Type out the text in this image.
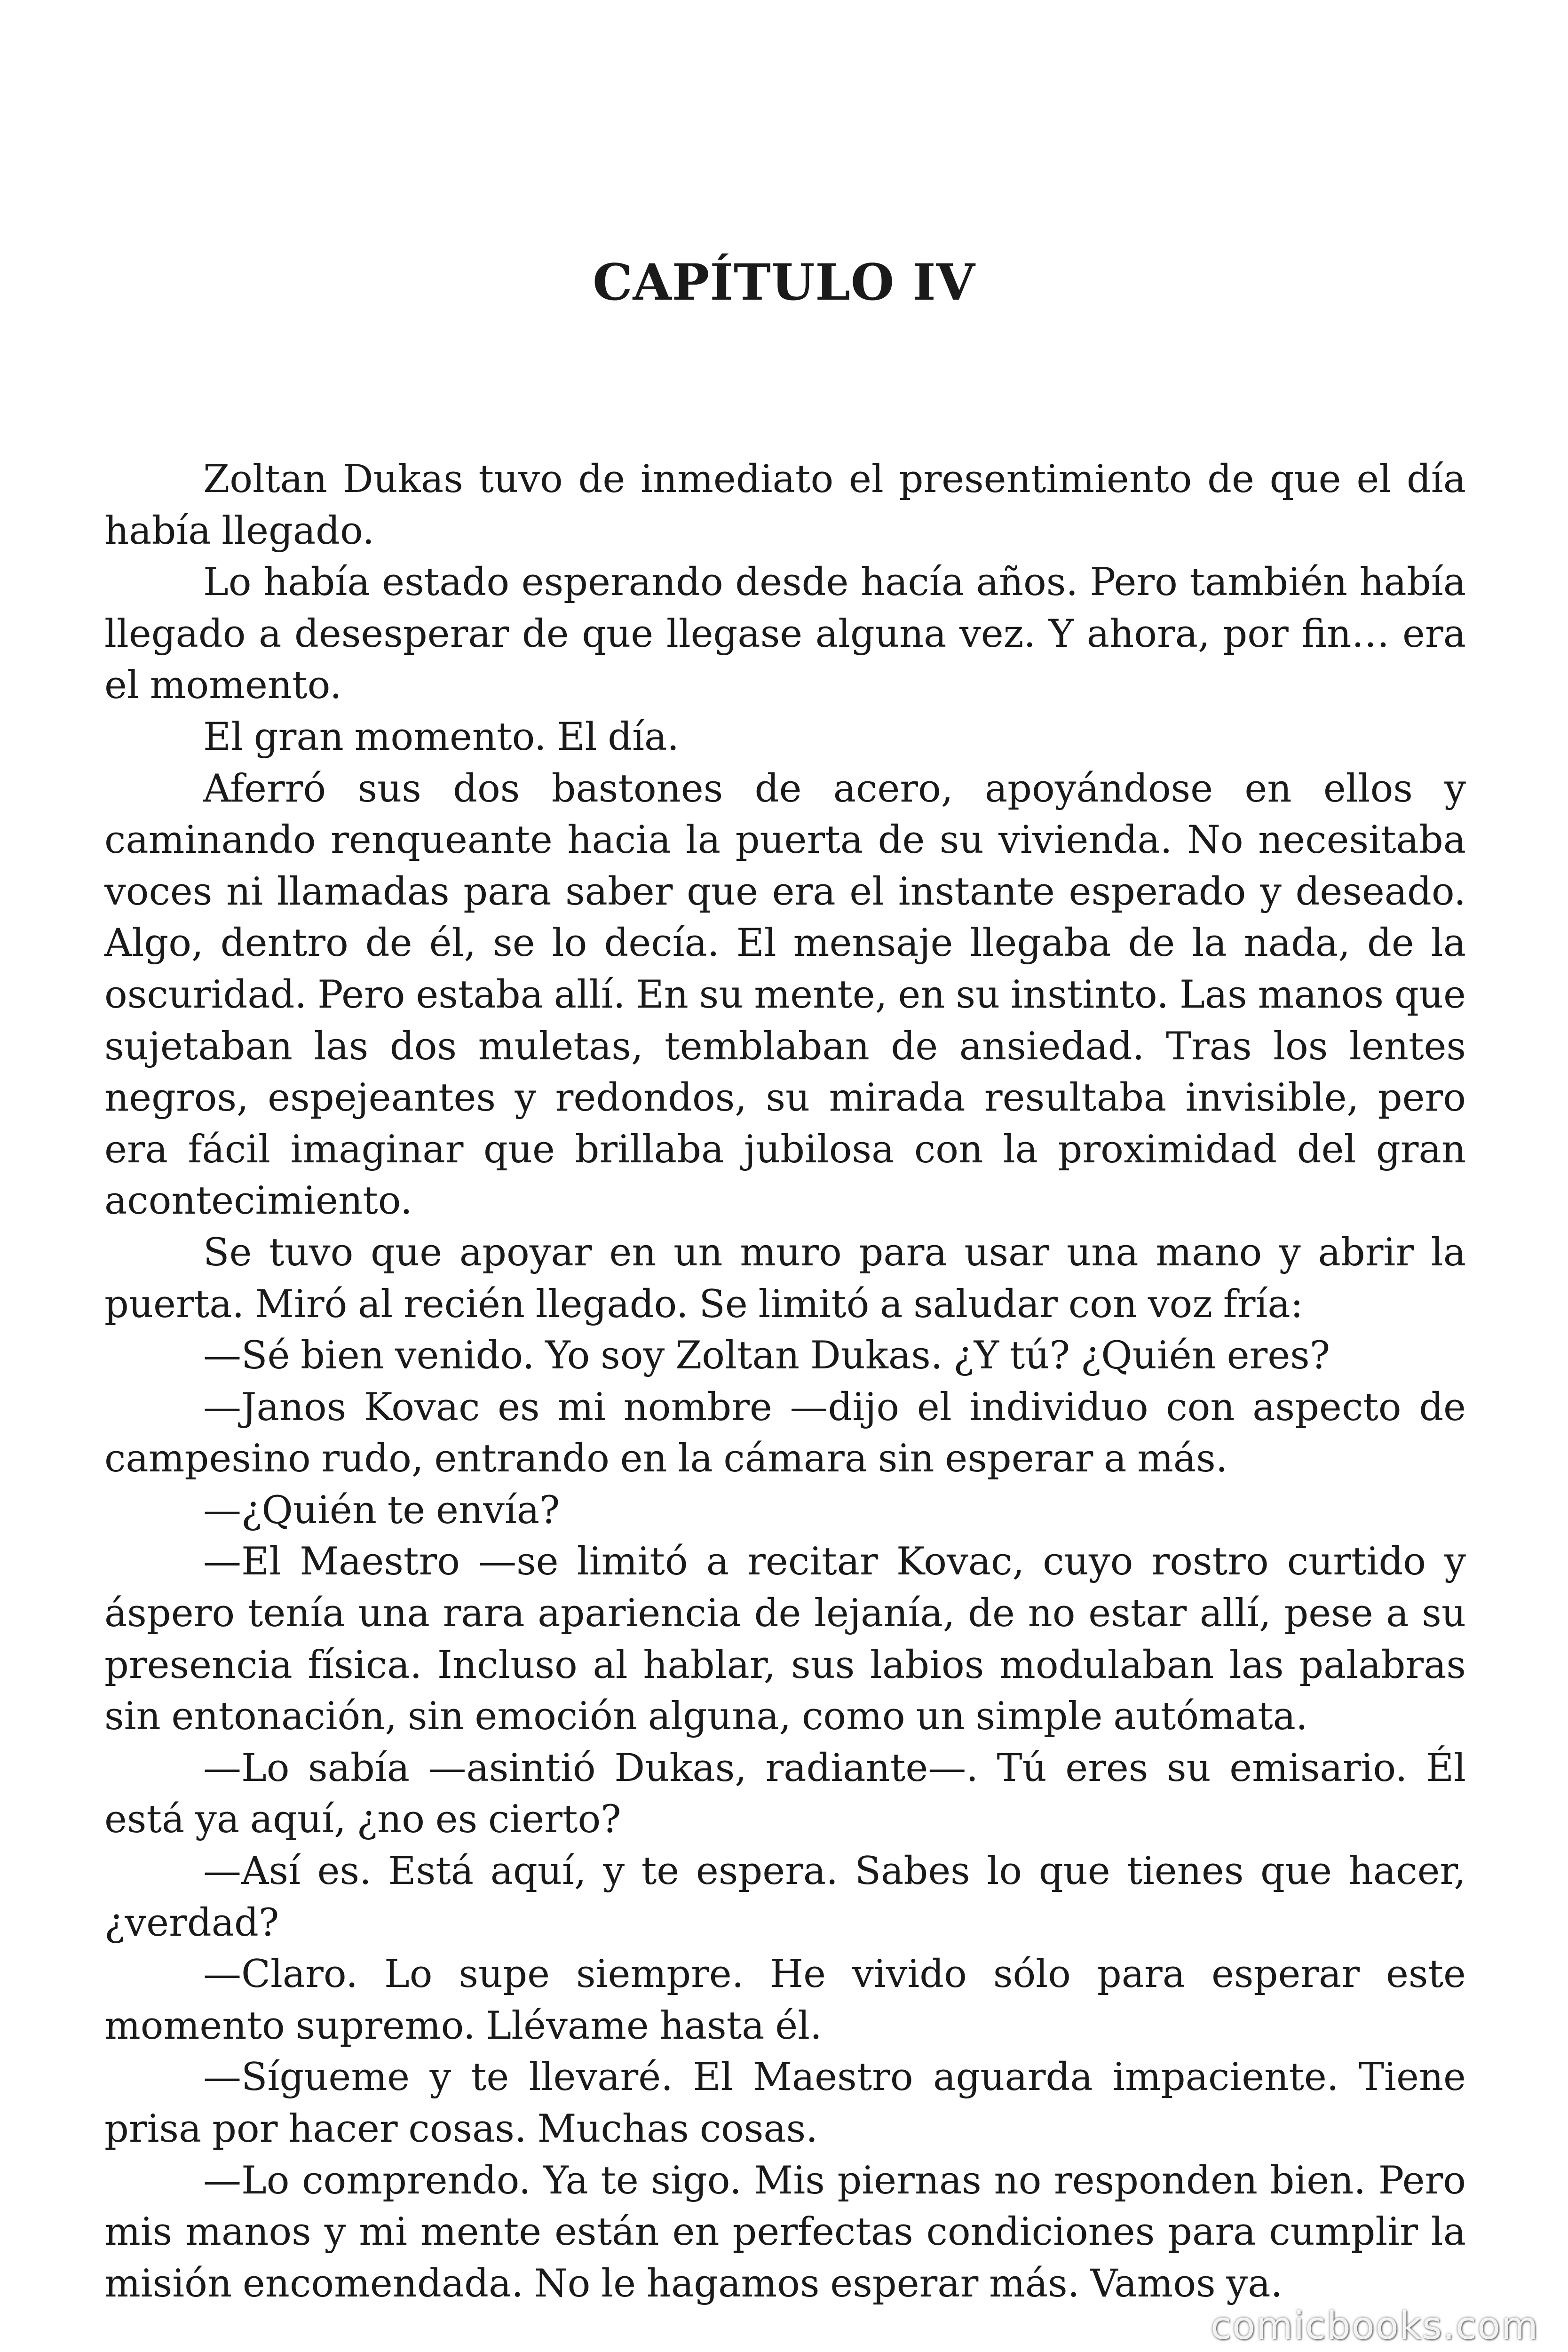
CAPÍTULO IV

Zoltan Dukas tuvo de inmediato el presentimiento de que el día había llegado.

Lo había estado esperando desde hacía años. Pero también había llegado a desesperar de que llegase alguna vez. Y ahora, por fin… era el momento.

El gran momento. El día.

Aferró sus dos bastones de acero, apoyándose en ellos y caminando renqueante hacia la puerta de su vivienda. No necesitaba voces ni llamadas para saber que era el instante esperado y deseado. Algo, dentro de él, se lo decía. El mensaje llegaba de la nada, de la oscuridad. Pero estaba allí. En su mente, en su instinto. Las manos que sujetaban las dos muletas, temblaban de ansiedad. Tras los lentes negros, espejeantes y redondos, su mirada resultaba invisible, pero era fácil imaginar que brillaba jubilosa con la proximidad del gran acontecimiento.

Se tuvo que apoyar en un muro para usar una mano y abrir la puerta. Miró al recién llegado. Se limitó a saludar con voz fría:

—Sé bien venido. Yo soy Zoltan Dukas. ¿Y tú? ¿Quién eres?

—Janos Kovac es mi nombre —dijo el individuo con aspecto de campesino rudo, entrando en la cámara sin esperar a más.

—¿Quién te envía?

—El Maestro —se limitó a recitar Kovac, cuyo rostro curtido y áspero tenía una rara apariencia de lejanía, de no estar allí, pese a su presencia física. Incluso al hablar, sus labios modulaban las palabras sin entonación, sin emoción alguna, como un simple autómata.

—Lo sabía —asintió Dukas, radiante—. Tú eres su emisario. Él está ya aquí, ¿no es cierto?

—Así es. Está aquí, y te espera. Sabes lo que tienes que hacer, ¿verdad?

—Claro. Lo supe siempre. He vivido sólo para esperar este momento supremo. Llévame hasta él.

—Sígueme y te llevaré. El Maestro aguarda impaciente. Tiene prisa por hacer cosas. Muchas cosas.

—Lo comprendo. Ya te sigo. Mis piernas no responden bien. Pero mis manos y mi mente están en perfectas condiciones para cumplir la misión encomendada. No le hagamos esperar más. Vamos ya.

comicbooks.com
